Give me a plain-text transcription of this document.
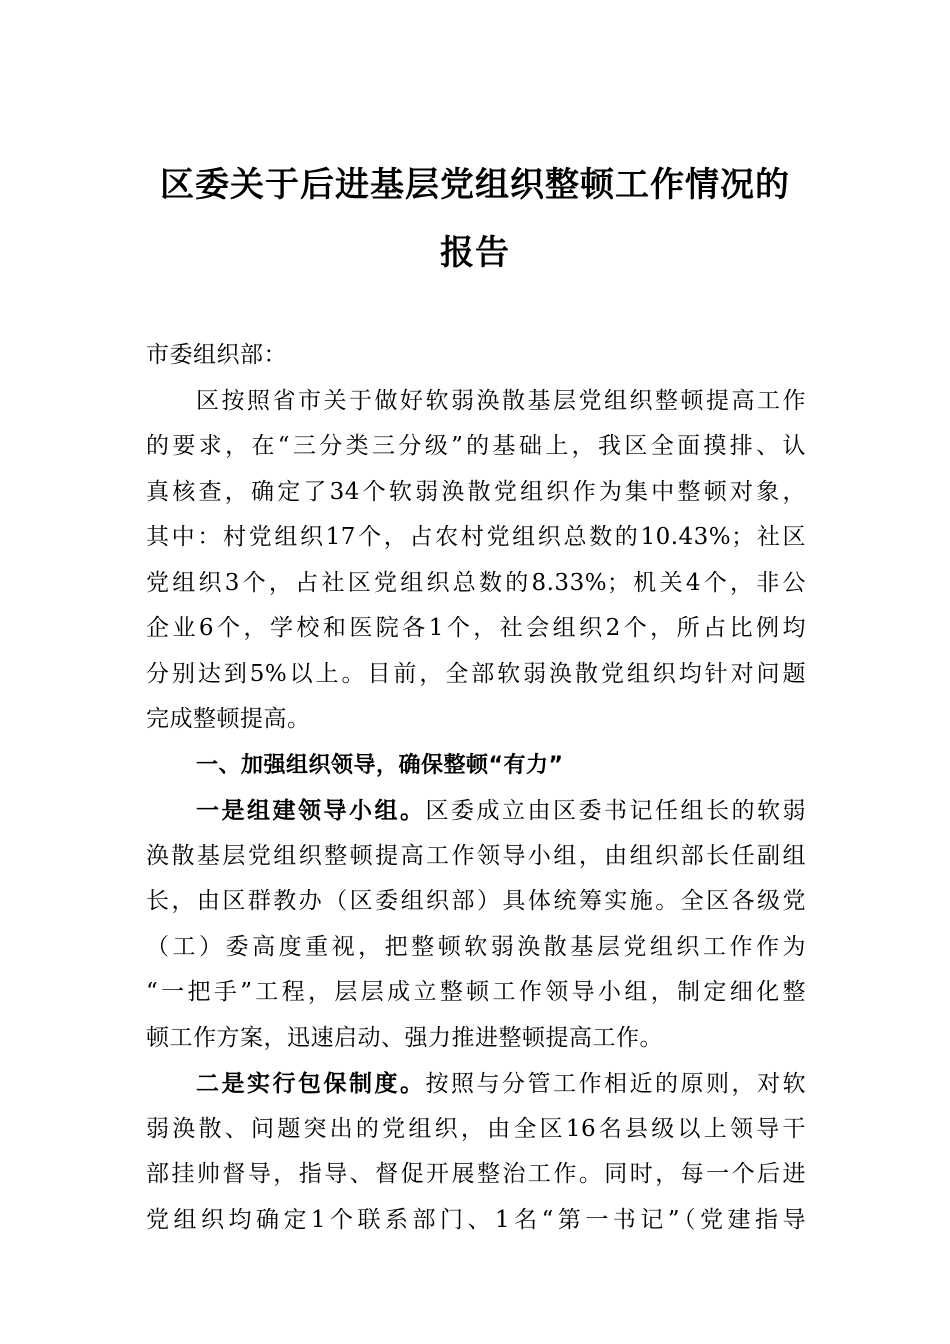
区委关于后进基层党组织整顿工作情况的
报告
市委组织部：
区按照省市关于做好软弱涣散基层党组织整顿提高工作
的要求，在“三分类三分级”的基础上，我区全面摸排、认
真核查，确定了34个软弱涣散党组织作为集中整顿对象，
其中：村党组织17个，占农村党组织总数的10.43%；社区
党组织3个，占社区党组织总数的8.33%；机关4个，非公
企业6个，学校和医院各1个，社会组织2个，所占比例均
分别达到5%以上。目前，全部软弱涣散党组织均针对问题
完成整顿提高。
一、加强组织领导，确保整顿“有力”
一是组建领导小组。区委成立由区委书记任组长的软弱
涣散基层党组织整顿提高工作领导小组，由组织部长任副组
长，由区群教办（区委组织部）具体统筹实施。全区各级党
（工）委高度重视，把整顿软弱涣散基层党组织工作作为
“一把手”工程，层层成立整顿工作领导小组，制定细化整
顿工作方案，迅速启动、强力推进整顿提高工作。
二是实行包保制度。按照与分管工作相近的原则，对软
弱涣散、问题突出的党组织，由全区16名县级以上领导干
部挂帅督导，指导、督促开展整治工作。同时，每一个后进
党组织均确定1个联系部门、1名“第一书记”（党建指导
